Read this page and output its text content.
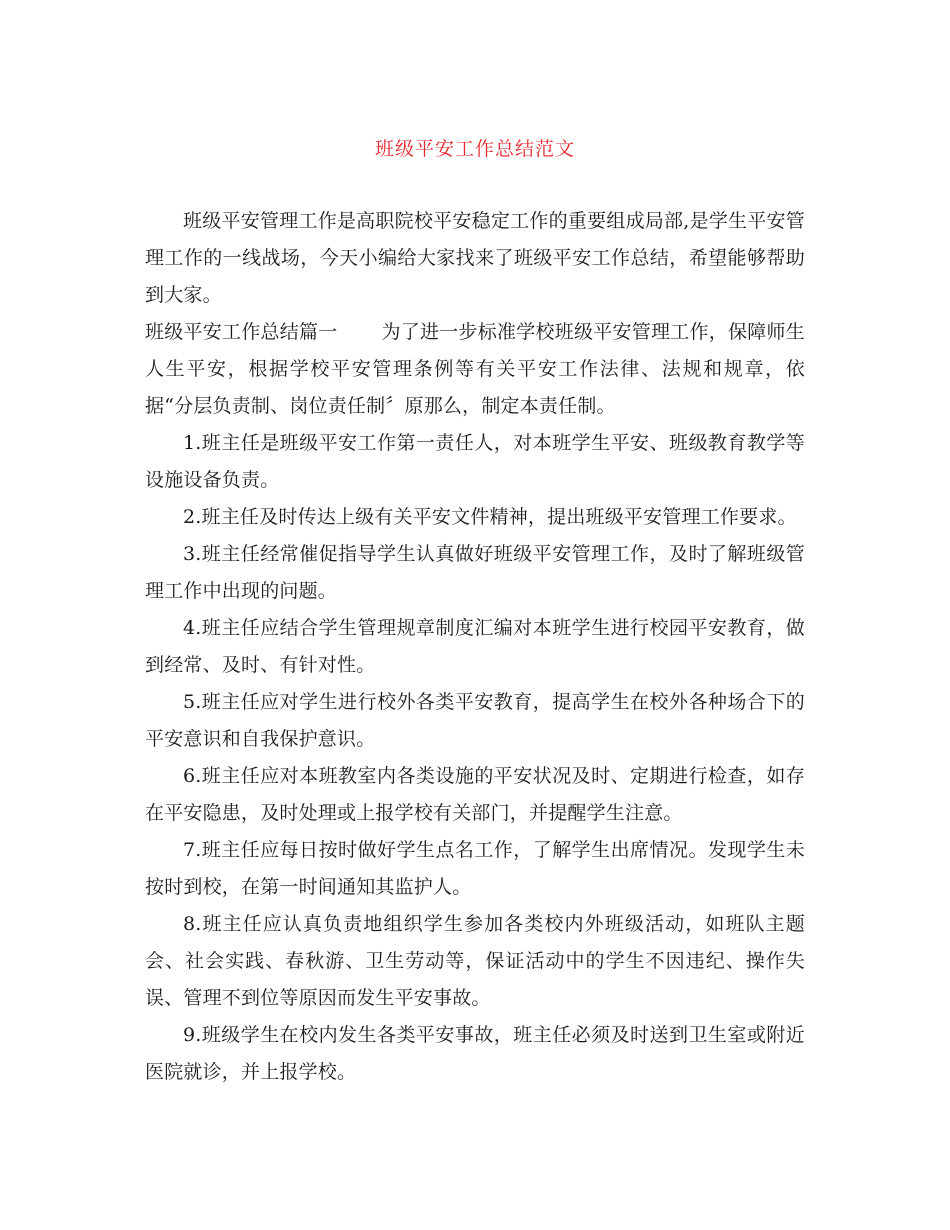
班级平安工作总结范文

班级平安管理工作是高职院校平安稳定工作的重要组成局部,是学生平安管理工作的一线战场，今天小编给大家找来了班级平安工作总结，希望能够帮助到大家。

班级平安工作总结篇一 为了进一步标准学校班级平安管理工作，保障师生人生平安，根据学校平安管理条例等有关平安工作法律、法规和规章，依据“分层负责制、岗位责任制〞原那么，制定本责任制。

1.班主任是班级平安工作第一责任人，对本班学生平安、班级教育教学等设施设备负责。

2.班主任及时传达上级有关平安文件精神，提出班级平安管理工作要求。

3.班主任经常催促指导学生认真做好班级平安管理工作，及时了解班级管理工作中出现的问题。

4.班主任应结合学生管理规章制度汇编对本班学生进行校园平安教育，做到经常、及时、有针对性。

5.班主任应对学生进行校外各类平安教育，提高学生在校外各种场合下的平安意识和自我保护意识。

6.班主任应对本班教室内各类设施的平安状况及时、定期进行检查，如存在平安隐患，及时处理或上报学校有关部门，并提醒学生注意。

7.班主任应每日按时做好学生点名工作，了解学生出席情况。发现学生未按时到校，在第一时间通知其监护人。

8.班主任应认真负责地组织学生参加各类校内外班级活动，如班队主题会、社会实践、春秋游、卫生劳动等，保证活动中的学生不因违纪、操作失误、管理不到位等原因而发生平安事故。

9.班级学生在校内发生各类平安事故，班主任必须及时送到卫生室或附近医院就诊，并上报学校。
